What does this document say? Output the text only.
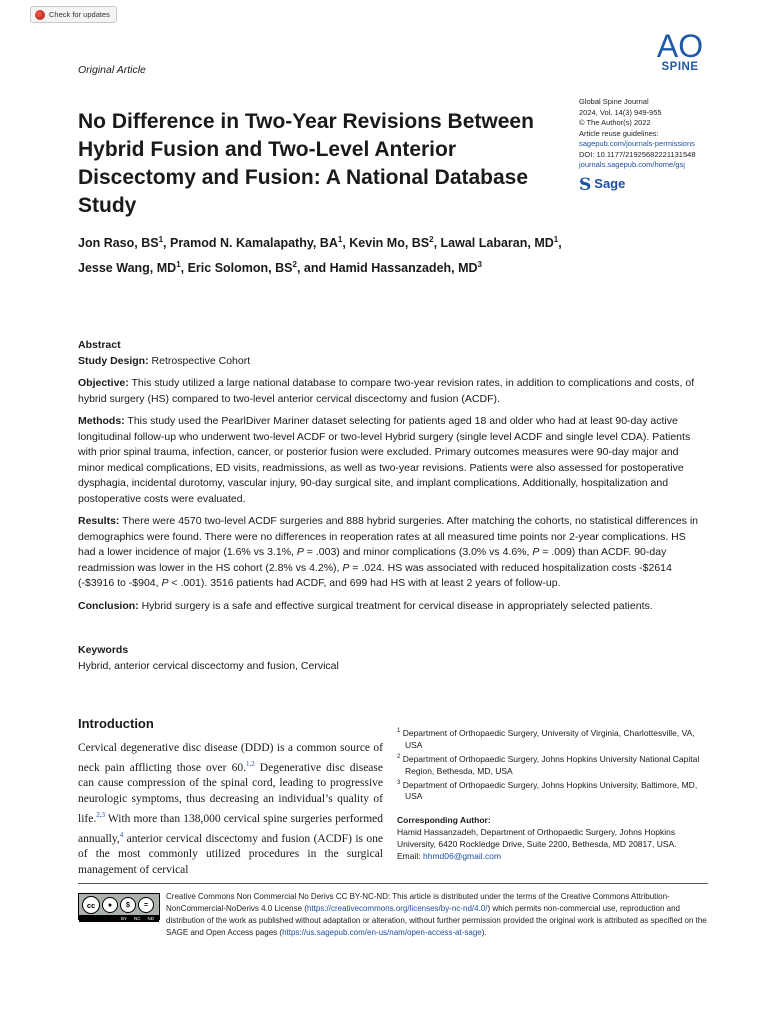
Check for updates
Original Article
AO
SPINE
No Difference in Two-Year Revisions Between Hybrid Fusion and Two-Level Anterior Discectomy and Fusion: A National Database Study
Global Spine Journal
2024, Vol. 14(3) 949-955
© The Author(s) 2022
Article reuse guidelines:
sagepub.com/journals-permissions
DOI: 10.1177/21925682221131548
journals.sagepub.com/home/gsj
S Sage
Jon Raso, $BS^1$, Pramod N. Kamalapathy, $BA^1$, Kevin Mo, $BS^2$, Lawal Labaran, $MD^1$,
Jesse Wang, $MD^1$, Eric Solomon, $BS^2$, and Hamid Hassanzadeh, $MD^3$
Abstract

Study Design: Retrospective Cohort

Objective: This study utilized a large national database to compare two-year revision rates, in addition to complications and costs, of hybrid surgery (HS) compared to two-level anterior cervical discectomy and fusion (ACDF).

Methods: This study used the PearlDiver Mariner dataset selecting for patients aged 18 and older who had at least 90-day active longitudinal follow-up who underwent two-level ACDF or two-level Hybrid surgery (single level ACDF and single level CDA). Patients with prior spinal trauma, infection, cancer, or posterior fusion were excluded. Primary outcomes measures were 90-day major and minor medical complications, ED visits, readmissions, as well as two-year revisions. Patients were also assessed for postoperative dysphagia, incidental durotomy, vascular injury, 90-day surgical site, and implant complications. Additionally, hospitalization and postoperative costs were evaluated.

Results: There were 4570 two-level ACDF surgeries and 888 hybrid surgeries. After matching the cohorts, no statistical differences in demographics were found. There were no differences in reoperation rates at all measured time points nor 2-year complications. HS had a lower incidence of major (1.6% vs 3.1%, P = .003) and minor complications (3.0% vs 4.6%, P = .009) than ACDF. 90-day readmission was lower in the HS cohort (2.8% vs 4.2%), P = .024. HS was associated with reduced hospitalization costs -$2614 (-$3916 to -$904, P < .001). 3516 patients had ACDF, and 699 had HS with at least 2 years of follow-up.

Conclusion: Hybrid surgery is a safe and effective surgical treatment for cervical disease in appropriately selected patients.

Keywords
Hybrid, anterior cervical discectomy and fusion, Cervical
Introduction
Cervical degenerative disc disease (DDD) is a common source of neck pain afflicting those over 60.$^{1,2}$ Degenerative disc disease can cause compression of the spinal cord, leading to progressive neurologic symptoms, thus decreasing an individual’s quality of life.$^{2,3}$ With more than 138,000 cervical spine surgeries performed annually,$^4$ anterior cervical discectomy and fusion (ACDF) is one of the most commonly utilized procedures in the surgical management of cervical
$^1$ Department of Orthopaedic Surgery, University of Virginia, Charlottesville, VA, USA
$^2$ Department of Orthopaedic Surgery, Johns Hopkins University National Capital Region, Bethesda, MD, USA
$^3$ Department of Orthopaedic Surgery, Johns Hopkins University, Baltimore, MD, USA
Corresponding Author:
Hamid Hassanzadeh, Department of Orthopaedic Surgery, Johns Hopkins University, 6420 Rockledge Drive, Suite 2200, Bethesda, MD 20817, USA.
Email: hhmd06@gmail.com
cc	●	$	=
BY NC ND
Creative Commons Non Commercial No Derivs CC BY-NC-ND: This article is distributed under the terms of the Creative Commons Attribution-NonCommercial-NoDerivs 4.0 License (https://creativecommons.org/licenses/by-nc-nd/4.0/) which permits non-commercial use, reproduction and distribution of the work as published without adaptation or alteration, without further permission provided the original work is attributed as specified on the SAGE and Open Access pages (https://us.sagepub.com/en-us/nam/open-access-at-sage).
